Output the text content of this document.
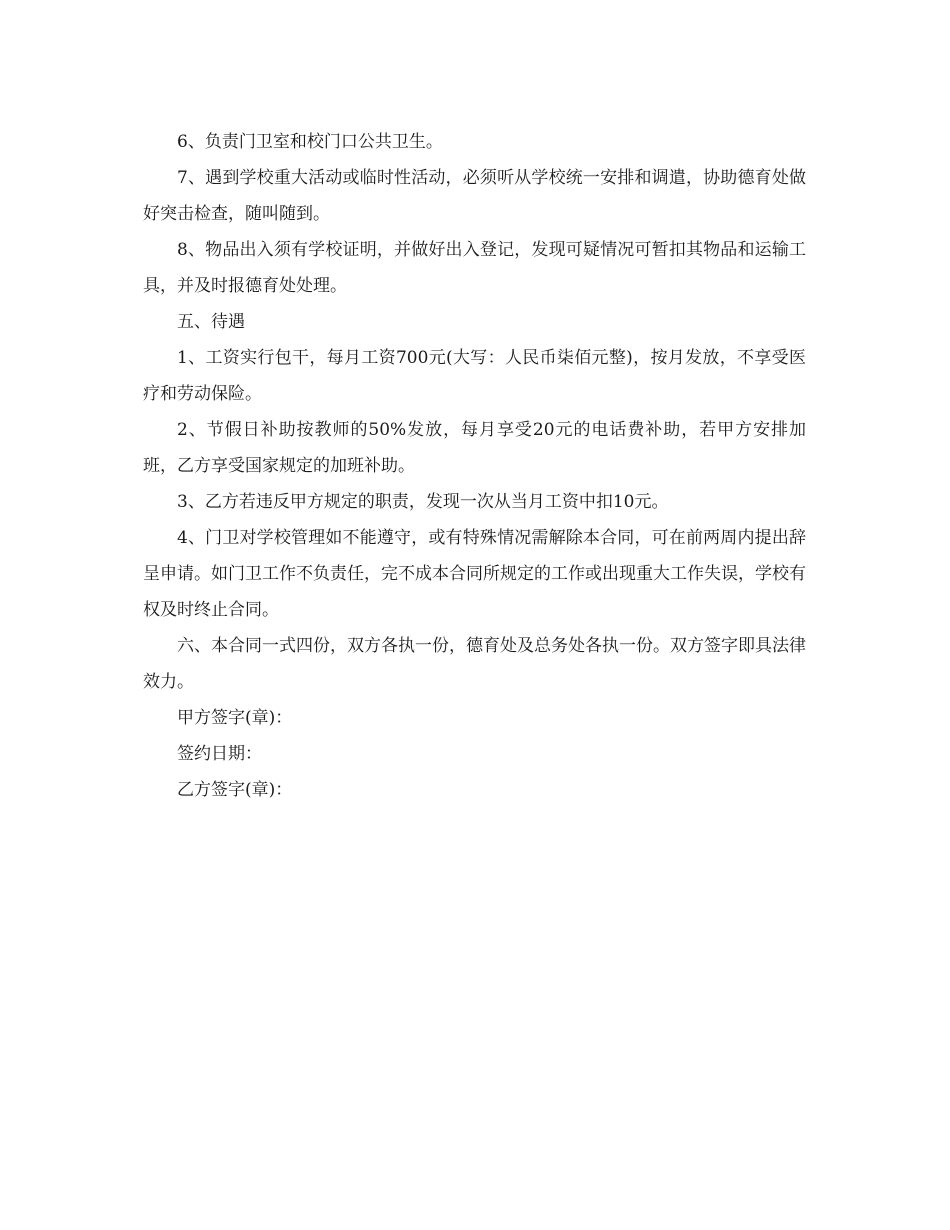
6、负责门卫室和校门口公共卫生。

7、遇到学校重大活动或临时性活动，必须听从学校统一安排和调遣，协助德育处做好突击检查，随叫随到。

8、物品出入须有学校证明，并做好出入登记，发现可疑情况可暂扣其物品和运输工具，并及时报德育处处理。

五、待遇

1、工资实行包干，每月工资700元(大写：人民币柒佰元整)，按月发放，不享受医疗和劳动保险。

2、节假日补助按教师的50%发放，每月享受20元的电话费补助，若甲方安排加班，乙方享受国家规定的加班补助。

3、乙方若违反甲方规定的职责，发现一次从当月工资中扣10元。

4、门卫对学校管理如不能遵守，或有特殊情况需解除本合同，可在前两周内提出辞呈申请。如门卫工作不负责任，完不成本合同所规定的工作或出现重大工作失误，学校有权及时终止合同。

六、本合同一式四份，双方各执一份，德育处及总务处各执一份。双方签字即具法律效力。

甲方签字(章)：

签约日期：

乙方签字(章)：
